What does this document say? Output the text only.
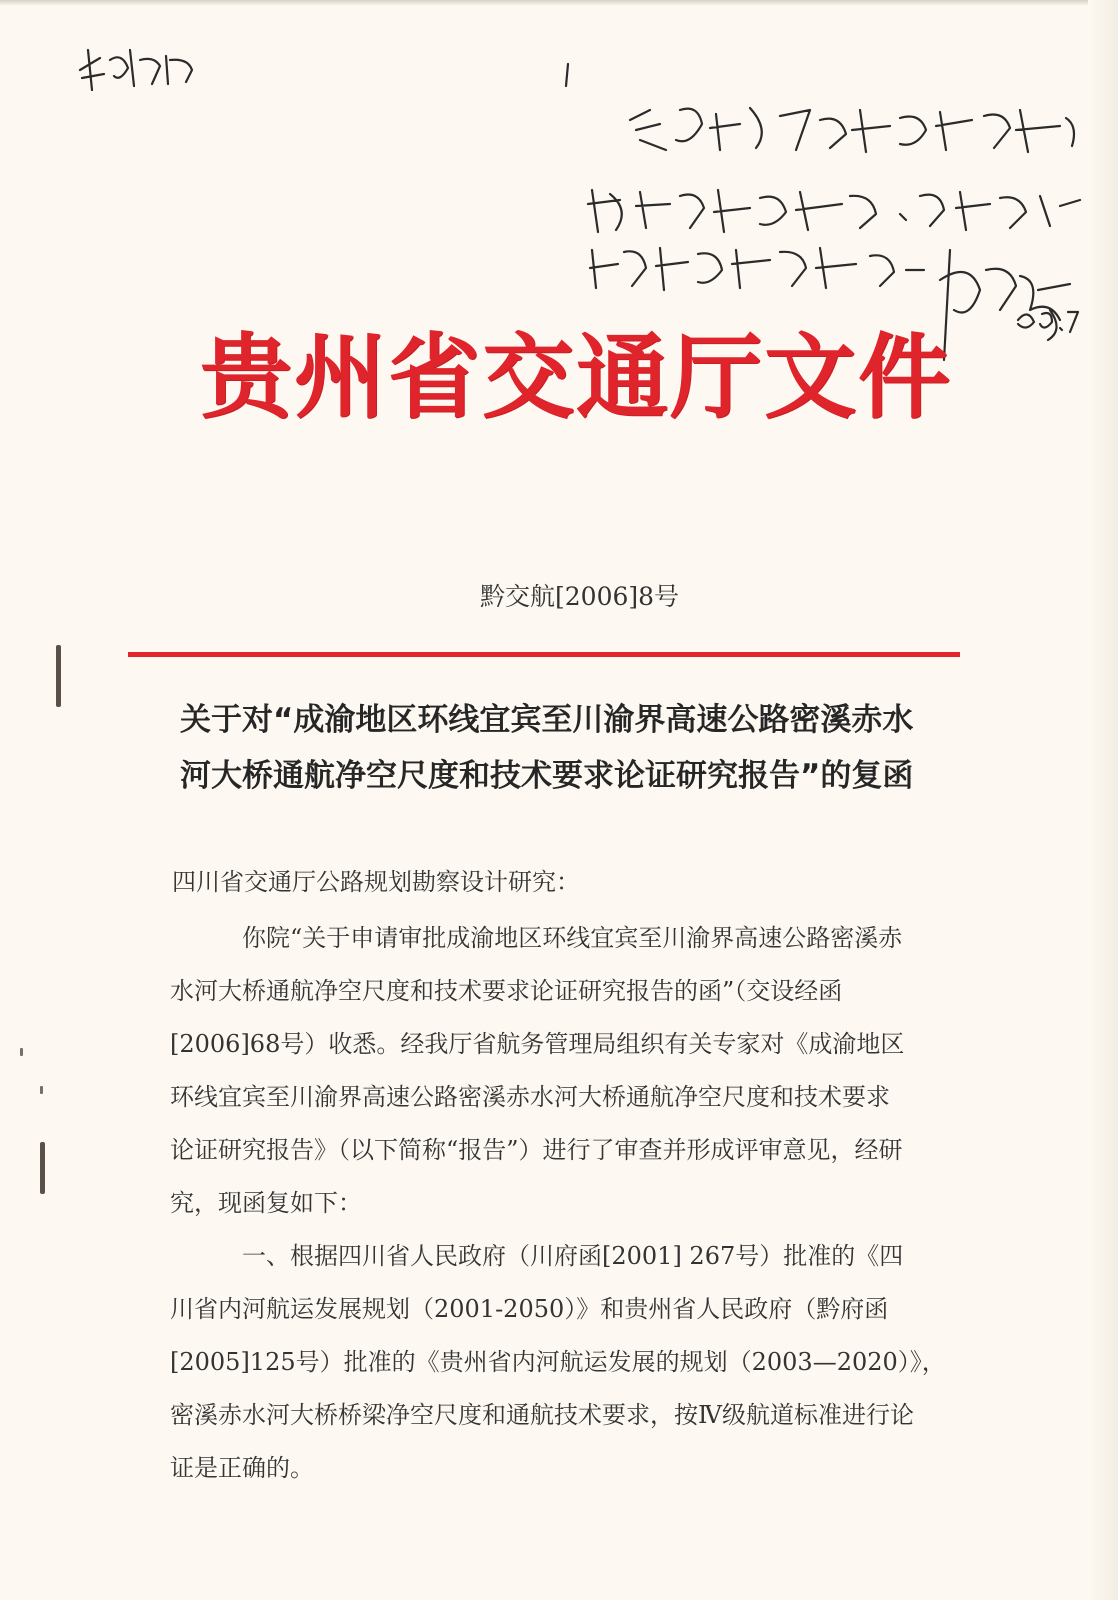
贵州省交通厅文件
黔交航[2006]8号
关于对“成渝地区环线宜宾至川渝界高速公路密溪赤水
河大桥通航净空尺度和技术要求论证研究报告”的复函
四川省交通厅公路规划勘察设计研究：
你院“关于申请审批成渝地区环线宜宾至川渝界高速公路密溪赤
水河大桥通航净空尺度和技术要求论证研究报告的函”（交设经函
[2006]68号）收悉。经我厅省航务管理局组织有关专家对《成渝地区
环线宜宾至川渝界高速公路密溪赤水河大桥通航净空尺度和技术要求
论证研究报告》（以下简称“报告”）进行了审查并形成评审意见，经研
究，现函复如下：
一、根据四川省人民政府（川府函[2001] 267号）批准的《四
川省内河航运发展规划（2001-2050）》和贵州省人民政府（黔府函
[2005]125号）批准的《贵州省内河航运发展的规划（2003—2020）》，
密溪赤水河大桥桥梁净空尺度和通航技术要求，按Ⅳ级航道标准进行论
证是正确的。
